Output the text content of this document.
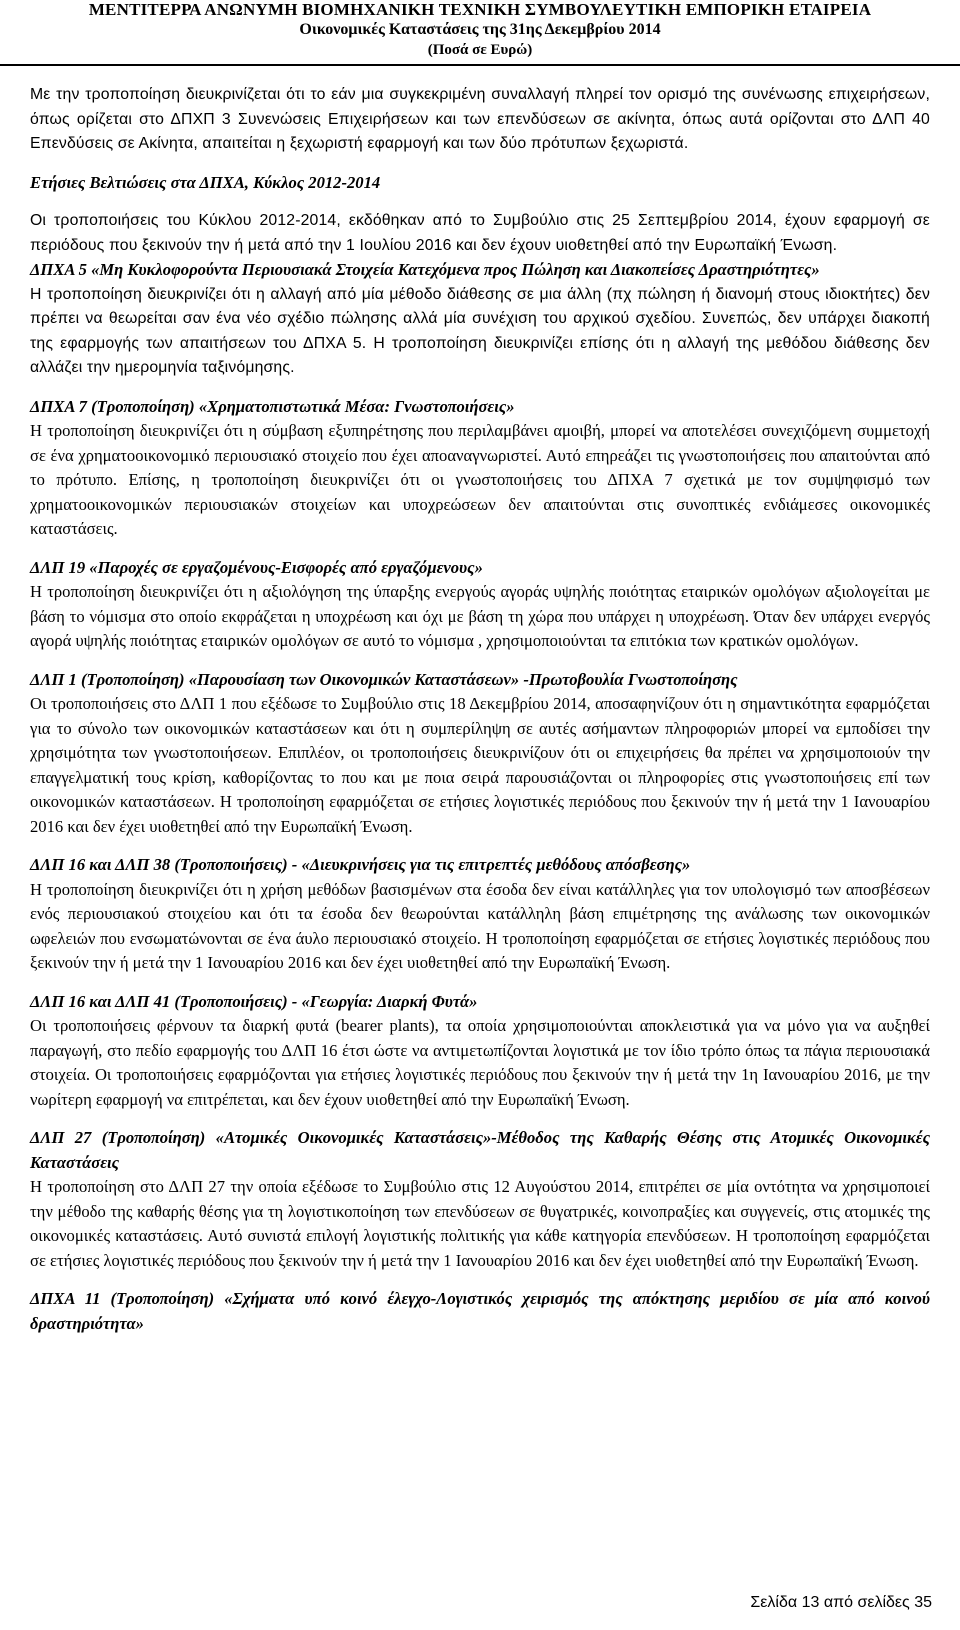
ΜΕΝΤΙΤΕΡΡΑ ΑΝΩΝΥΜΗ ΒΙΟΜΗΧΑΝΙΚΗ ΤΕΧΝΙΚΗ ΣΥΜΒΟΥΛΕΥΤΙΚΗ ΕΜΠΟΡΙΚΗ ΕΤΑΙΡΕΙΑ
Οικονομικές Καταστάσεις της 31ης Δεκεμβρίου 2014
(Ποσά σε Ευρώ)

Με την τροποποίηση διευκρινίζεται ότι το εάν μια συγκεκριμένη συναλλαγή πληρεί τον ορισμό της συνένωσης επιχειρήσεων, όπως ορίζεται στο ΔΠΧΠ 3 Συνενώσεις Επιχειρήσεων και των επενδύσεων σε ακίνητα, όπως αυτά ορίζονται στο ΔΛΠ 40 Επενδύσεις σε Ακίνητα, απαιτείται η ξεχωριστή εφαρμογή και των δύο πρότυπων ξεχωριστά.

Ετήσιες Βελτιώσεις στα ΔΠΧΑ, Κύκλος 2012-2014

Οι τροποποιήσεις του Κύκλου 2012-2014, εκδόθηκαν από το Συμβούλιο στις 25 Σεπτεμβρίου 2014, έχουν εφαρμογή σε περιόδους που ξεκινούν την ή μετά από την 1 Ιουλίου 2016 και δεν έχουν υιοθετηθεί από την Ευρωπαϊκή Ένωση.

ΔΠΧΑ 5 «Μη Κυκλοφορούντα Περιουσιακά Στοιχεία Κατεχόμενα προς Πώληση και Διακοπείσες Δραστηριότητες»

Η τροποποίηση διευκρινίζει ότι η αλλαγή από μία μέθοδο διάθεσης σε μια άλλη (πχ πώληση ή διανομή στους ιδιοκτήτες) δεν πρέπει να θεωρείται σαν ένα νέο σχέδιο πώλησης αλλά μία συνέχιση του αρχικού σχεδίου. Συνεπώς, δεν υπάρχει διακοπή της εφαρμογής των απαιτήσεων του ΔΠΧΑ 5. Η τροποποίηση διευκρινίζει επίσης ότι η αλλαγή της μεθόδου διάθεσης δεν αλλάζει την ημερομηνία ταξινόμησης.

ΔΠΧΑ 7 (Τροποποίηση) «Χρηματοπιστωτικά Μέσα: Γνωστοποιήσεις»

Η τροποποίηση διευκρινίζει ότι η σύμβαση εξυπηρέτησης που περιλαμβάνει αμοιβή, μπορεί να αποτελέσει συνεχιζόμενη συμμετοχή σε ένα χρηματοοικονομικό περιουσιακό στοιχείο που έχει αποαναγνωριστεί. Αυτό επηρεάζει τις γνωστοποιήσεις που απαιτούνται από το πρότυπο. Επίσης, η τροποποίηση διευκρινίζει ότι οι γνωστοποιήσεις του ΔΠΧΑ 7 σχετικά με τον συμψηφισμό των χρηματοοικονομικών περιουσιακών στοιχείων και υποχρεώσεων δεν απαιτούνται στις συνοπτικές ενδιάμεσες οικονομικές καταστάσεις.

ΔΛΠ 19 «Παροχές σε εργαζομένους-Εισφορές από εργαζόμενους»

Η τροποποίηση διευκρινίζει ότι η αξιολόγηση της ύπαρξης ενεργούς αγοράς υψηλής ποιότητας εταιρικών ομολόγων αξιολογείται με βάση το νόμισμα στο οποίο εκφράζεται η υποχρέωση και όχι με βάση τη χώρα που υπάρχει η υποχρέωση. Όταν δεν υπάρχει ενεργός αγορά υψηλής ποιότητας εταιρικών ομολόγων σε αυτό το νόμισμα , χρησιμοποιούνται τα επιτόκια των κρατικών ομολόγων.

ΔΛΠ 1 (Τροποποίηση) «Παρουσίαση των Οικονομικών Καταστάσεων» -Πρωτοβουλία Γνωστοποίησης

Οι τροποποιήσεις στο ΔΛΠ 1 που εξέδωσε το Συμβούλιο στις 18 Δεκεμβρίου 2014, αποσαφηνίζουν ότι η σημαντικότητα εφαρμόζεται για το σύνολο των οικονομικών καταστάσεων και ότι η συμπερίληψη σε αυτές ασήμαντων πληροφοριών μπορεί να εμποδίσει την χρησιμότητα των γνωστοποιήσεων. Επιπλέον, οι τροποποιήσεις διευκρινίζουν ότι οι επιχειρήσεις θα πρέπει να χρησιμοποιούν την επαγγελματική τους κρίση, καθορίζοντας το που και με ποια σειρά παρουσιάζονται οι πληροφορίες στις γνωστοποιήσεις επί των οικονομικών καταστάσεων. Η τροποποίηση εφαρμόζεται σε ετήσιες λογιστικές περιόδους που ξεκινούν την ή μετά την 1 Ιανουαρίου 2016 και δεν έχει υιοθετηθεί από την Ευρωπαϊκή Ένωση.

ΔΛΠ 16 και ΔΛΠ 38 (Τροποποιήσεις) - «Διευκρινήσεις για τις επιτρεπτές μεθόδους απόσβεσης»

Η τροποποίηση διευκρινίζει ότι η χρήση μεθόδων βασισμένων στα έσοδα δεν είναι κατάλληλες για τον υπολογισμό των αποσβέσεων ενός περιουσιακού στοιχείου και ότι τα έσοδα δεν θεωρούνται κατάλληλη βάση επιμέτρησης της ανάλωσης των οικονομικών ωφελειών που ενσωματώνονται σε ένα άυλο περιουσιακό στοιχείο. Η τροποποίηση εφαρμόζεται σε ετήσιες λογιστικές περιόδους που ξεκινούν την ή μετά την 1 Ιανουαρίου 2016 και δεν έχει υιοθετηθεί από την Ευρωπαϊκή Ένωση.

ΔΛΠ 16 και ΔΛΠ 41 (Τροποποιήσεις) - «Γεωργία: Διαρκή Φυτά»

Οι τροποποιήσεις φέρνουν τα διαρκή φυτά (bearer plants), τα οποία χρησιμοποιούνται αποκλειστικά για να μόνο για να αυξηθεί παραγωγή, στο πεδίο εφαρμογής του ΔΛΠ 16 έτσι ώστε να αντιμετωπίζονται λογιστικά με τον ίδιο τρόπο όπως τα πάγια περιουσιακά στοιχεία. Οι τροποποιήσεις εφαρμόζονται για ετήσιες λογιστικές περιόδους που ξεκινούν την ή μετά την 1η Ιανουαρίου 2016, με την νωρίτερη εφαρμογή να επιτρέπεται, και δεν έχουν υιοθετηθεί από την Ευρωπαϊκή Ένωση.

ΔΛΠ 27 (Τροποποίηση) «Ατομικές Οικονομικές Καταστάσεις»-Μέθοδος της Καθαρής Θέσης στις Ατομικές Οικονομικές Καταστάσεις

Η τροποποίηση στο ΔΛΠ 27 την οποία εξέδωσε το Συμβούλιο στις 12 Αυγούστου 2014, επιτρέπει σε μία οντότητα να χρησιμοποιεί την μέθοδο της καθαρής θέσης για τη λογιστικοποίηση των επενδύσεων σε θυγατρικές, κοινοπραξίες και συγγενείς, στις ατομικές της οικονομικές καταστάσεις. Αυτό συνιστά επιλογή λογιστικής πολιτικής για κάθε κατηγορία επενδύσεων. Η τροποποίηση εφαρμόζεται σε ετήσιες λογιστικές περιόδους που ξεκινούν την ή μετά την 1 Ιανουαρίου 2016 και δεν έχει υιοθετηθεί από την Ευρωπαϊκή Ένωση.

ΔΠΧΑ 11 (Τροποποίηση) «Σχήματα υπό κοινό έλεγχο-Λογιστικός χειρισμός της απόκτησης μεριδίου σε μία από κοινού δραστηριότητα»

Σελίδα 13 από σελίδες 35
